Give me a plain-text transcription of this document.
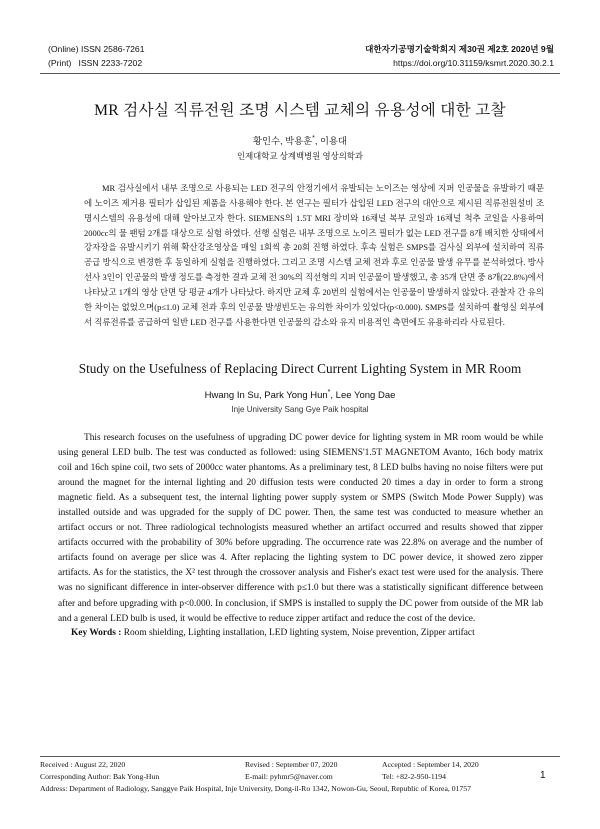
(Online) ISSN 2586-7261
(Print)   ISSN 2233-7202
대한자기공명기술학회지 제30권 제2호 2020년 9월
https://doi.org/10.31159/ksmrt.2020.30.2.1
MR 검사실 직류전원 조명 시스템 교체의 유용성에 대한 고찰
황인수, 박용훈*, 이용대
인제대학교 상계백병원 영상의학과

MR 검사실에서 내부 조명으로 사용되는 LED 전구의 안정기에서 유발되는 노이즈는 영상에 지퍼 인공물을 유발하기 때문에 노이즈 제거용 필터가 삽입된 제품을 사용해야 한다. 본 연구는 필터가 삽입된 LED 전구의 대안으로 제시된 직류전원설비 조명시스템의 유용성에 대해 알아보고자 한다. SIEMENS의 1.5T MRI 장비와 16채널 복부 코일과 16채널 척추 코일을 사용하여 2000cc의 물 팬텀 2개를 대상으로 실험 하였다. 선행 실험은 내부 조명으로 노이즈 필터가 없는 LED 전구를 8개 배치한 상태에서 강자장을 유발시키기 위해 확산강조영상을 매일 1회씩 총 20회 진행 하였다. 후속 실험은 SMPS를 검사실 외부에 설치하여 직류 공급 방식으로 변경한 후 동일하게 실험을 진행하였다. 그리고 조명 시스템 교체 전과 후로 인공물 발생 유무를 분석하였다. 방사선사 3인이 인공물의 발생 정도를 측정한 결과 교체 전 30%의 직선형의 지퍼 인공물이 발생했고, 총 35개 단면 중 8개(22.8%)에서 나타났고 1개의 영상 단면 당 평균 4개가 나타났다. 하지만 교체 후 20번의 실험에서는 인공물이 발생하지 않았다. 관찰자 간 유의한 차이는 없었으며(p≤1.0) 교체 전과 후의 인공물 발생빈도는 유의한 차이가 있었다(p<0.000). SMPS를 설치하여 촬영실 외부에서 직류전류를 공급하여 일반 LED 전구를 사용한다면 인공물의 감소와 유지 비용적인 측면에도 유용하리라 사료된다.

Study on the Usefulness of Replacing Direct Current Lighting System in MR Room
Hwang In Su, Park Yong Hun*, Lee Yong Dae
Inje University Sang Gye Paik hospital

This research focuses on the usefulness of upgrading DC power device for lighting system in MR room would be while using general LED bulb. The test was conducted as followed: using SIEMENS'1.5T MAGNETOM Avanto, 16ch body matrix coil and 16ch spine coil, two sets of 2000cc water phantoms. As a preliminary test, 8 LED bulbs having no noise filters were put around the magnet for the internal lighting and 20 diffusion tests were conducted 20 times a day in order to form a strong magnetic field. As a subsequent test, the internal lighting power supply system or SMPS (Switch Mode Power Supply) was installed outside and was upgraded for the supply of DC power. Then, the same test was conducted to measure whether an artifact occurs or not. Three radiological technologists measured whether an artifact occurred and results showed that zipper artifacts occurred with the probability of 30% before upgrading. The occurrence rate was 22.8% on average and the number of artifacts found on average per slice was 4. After replacing the lighting system to DC power device, it showed zero zipper artifacts. As for the statistics, the X² test through the crossover analysis and Fisher's exact test were used for the analysis. There was no significant difference in inter-observer difference with p≤1.0 but there was a statistically significant difference between after and before upgrading with p<0.000. In conclusion, if SMPS is installed to supply the DC power from outside of the MR lab and a general LED bulb is used, it would be effective to reduce zipper artifact and reduce the cost of the device.

Key Words : Room shielding, Lighting installation, LED lighting system, Noise prevention, Zipper artifact
Received : August 22, 2020	Revised : September 07, 2020	Accepted : September 14, 2020
Corresponding Author: Bak Yong-Hun	E-mail: pyhmr5@naver.com	Tel: +82-2-950-1194
Address: Department of Radiology, Sanggye Paik Hospital, Inje University, Dong-il-Ro 1342, Nowon-Gu, Seoul, Republic of Korea, 01757
1
